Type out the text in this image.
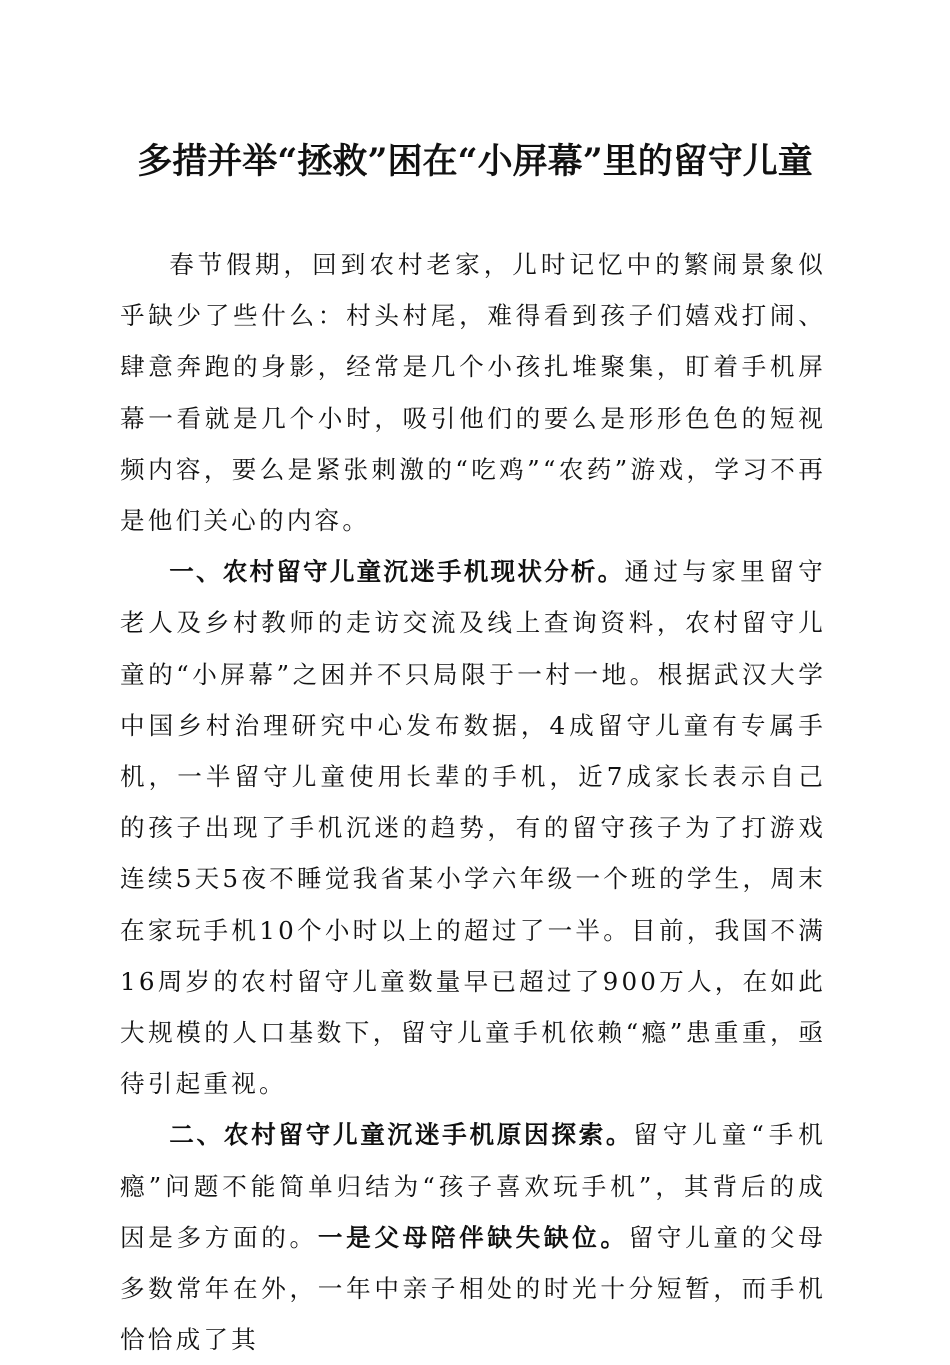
多措并举“拯救”困在“小屏幕”里的留守儿童

春节假期，回到农村老家，儿时记忆中的繁闹景象似乎缺少了些什么：村头村尾，难得看到孩子们嬉戏打闹、肆意奔跑的身影，经常是几个小孩扎堆聚集，盯着手机屏幕一看就是几个小时，吸引他们的要么是形形色色的短视频内容，要么是紧张刺激的“吃鸡”“农药”游戏，学习不再是他们关心的内容。

一、农村留守儿童沉迷手机现状分析。通过与家里留守老人及乡村教师的走访交流及线上查询资料，农村留守儿童的“小屏幕”之困并不只局限于一村一地。根据武汉大学中国乡村治理研究中心发布数据，4成留守儿童有专属手机，一半留守儿童使用长辈的手机，近7成家长表示自己的孩子出现了手机沉迷的趋势，有的留守孩子为了打游戏连续5天5夜不睡觉我省某小学六年级一个班的学生，周末在家玩手机10个小时以上的超过了一半。目前，我国不满16周岁的农村留守儿童数量早已超过了900万人，在如此大规模的人口基数下，留守儿童手机依赖“瘾”患重重，亟待引起重视。

二、农村留守儿童沉迷手机原因探索。留守儿童“手机瘾”问题不能简单归结为“孩子喜欢玩手机”，其背后的成因是多方面的。一是父母陪伴缺失缺位。留守儿童的父母多数常年在外，一年中亲子相处的时光十分短暂，而手机恰恰成了其
